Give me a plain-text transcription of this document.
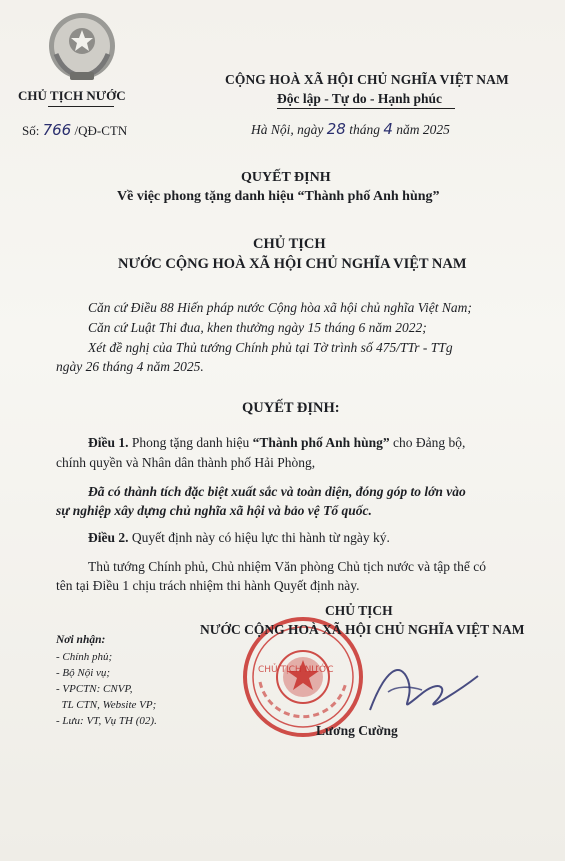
CHỦ TỊCH NƯỚC
CỘNG HOÀ XÃ HỘI CHỦ NGHĨA VIỆT NAM
Độc lập - Tự do - Hạnh phúc
Số: 766 /QĐ-CTN	Hà Nội, ngày 28 tháng 4 năm 2025
QUYẾT ĐỊNH
Về việc phong tặng danh hiệu “Thành phố Anh hùng”
CHỦ TỊCH
NƯỚC CỘNG HOÀ XÃ HỘI CHỦ NGHĨA VIỆT NAM
Căn cứ Điều 88 Hiến pháp nước Cộng hòa xã hội chủ nghĩa Việt Nam;
Căn cứ Luật Thi đua, khen thưởng ngày 15 tháng 6 năm 2022;
Xét đề nghị của Thủ tướng Chính phủ tại Tờ trình số 475/TTr - TTg
ngày 26 tháng 4 năm 2025.
QUYẾT ĐỊNH:
Điều 1. Phong tặng danh hiệu “Thành phố Anh hùng” cho Đảng bộ,
chính quyền và Nhân dân thành phố Hải Phòng,
Đã có thành tích đặc biệt xuất sắc và toàn diện, đóng góp to lớn vào
sự nghiệp xây dựng chủ nghĩa xã hội và bảo vệ Tổ quốc.
Điều 2. Quyết định này có hiệu lực thi hành từ ngày ký.
Thủ tướng Chính phủ, Chủ nhiệm Văn phòng Chủ tịch nước và tập thể có
tên tại Điều 1 chịu trách nhiệm thi hành Quyết định này.
CHỦ TỊCH NƯỚC
CHỦ TỊCH
NƯỚC CỘNG HOÀ XÃ HỘI CHỦ NGHĨA VIỆT NAM
Lương Cường
Nơi nhận:
- Chính phủ;
- Bộ Nội vụ;
- VPCTN: CNVP,
TL CTN, Website VP;
- Lưu: VT, Vụ TH (02).
